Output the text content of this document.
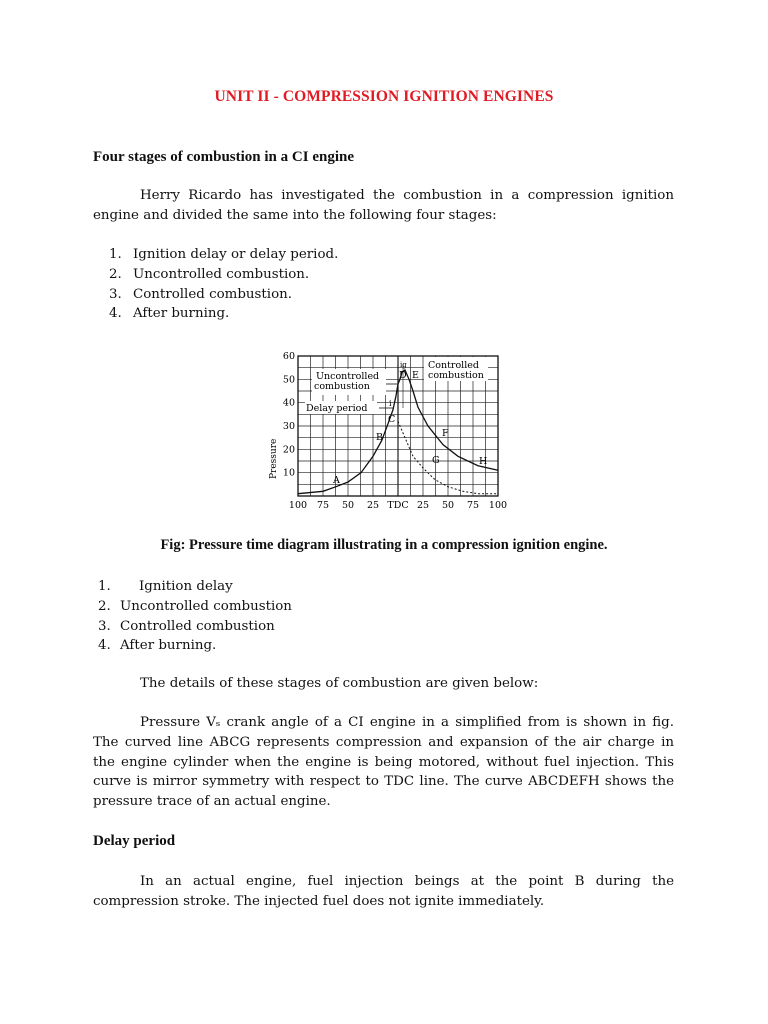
UNIT II - COMPRESSION IGNITION ENGINES
Four stages of combustion in a CI engine

Herry Ricardo has investigated the combustion in a compression ignition engine and divided the same into the following four stages:

1. Ignition delay or delay period.
2. Uncontrolled combustion.
3. Controlled combustion.
4. After burning.
10
20
30
40
50
60
100 75 50 25 TDC 25 50 75 100
Pressure
Uncontrolled
combustion
Delay period
Controlled
combustion
ig
i
A
B
C
D E
F
G	H

Fig: Pressure time diagram illustrating in a compression ignition engine.

1. Ignition delay
2. Uncontrolled combustion
3. Controlled combustion
4. After burning.

The details of these stages of combustion are given below:

Pressure Vₛ crank angle of a CI engine in a simplified from is shown in fig. The curved line ABCG represents compression and expansion of the air charge in the engine cylinder when the engine is being motored, without fuel injection. This curve is mirror symmetry with respect to TDC line. The curve ABCDEFH shows the pressure trace of an actual engine.

Delay period

In an actual engine, fuel injection beings at the point B during the compression stroke. The injected fuel does not ignite immediately.
